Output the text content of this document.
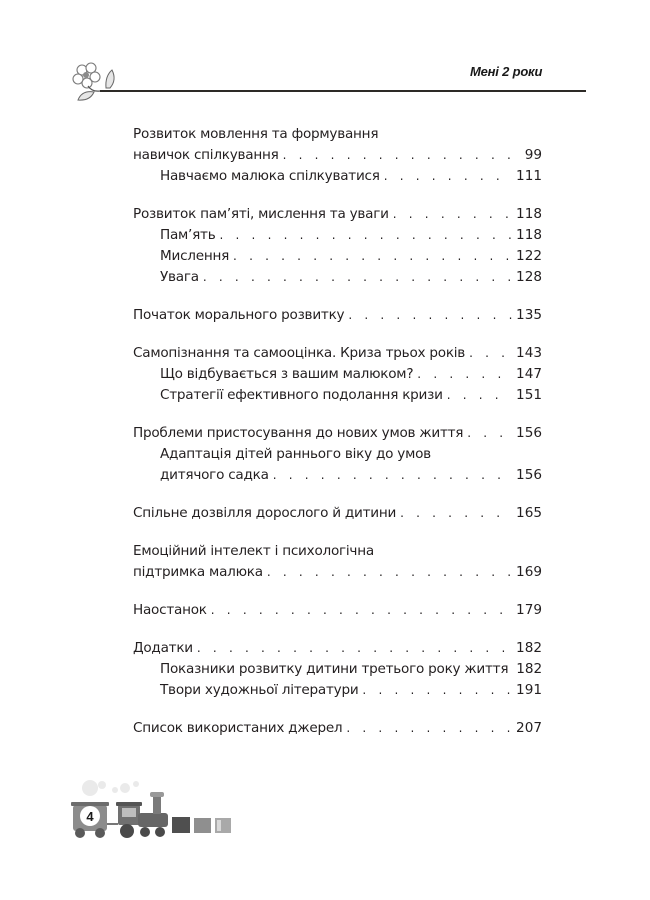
Мені 2 роки
Розвиток мовлення та формування
навичок спілкування . . .	99
Навчаємо малюка спілкуватися . . .	111
Розвиток пам’яті, мислення та уваги . . .	118
Пам’ять . . .	118
Мислення . . .	122
Увага . . .	128
Початок морального розвитку . . .	135
Самопізнання та самооцінка. Криза трьох років . . .	143
Що відбувається з вашим малюком? . . .	147
Стратегії ефективного подолання кризи . . .	151
Проблеми пристосування до нових умов життя . . .	156
Адаптація дітей раннього віку до умов
дитячого садка . . .	156
Спільне дозвілля дорослого й дитини . . .	165
Емоційний інтелект і психологічна
підтримка малюка . . .	169
Наостанок . . .	179
Додатки . . .	182
Показники розвитку дитини третього року життя 182
Твори художньої літератури . . .	191
Список використаних джерел . . .	207
4
